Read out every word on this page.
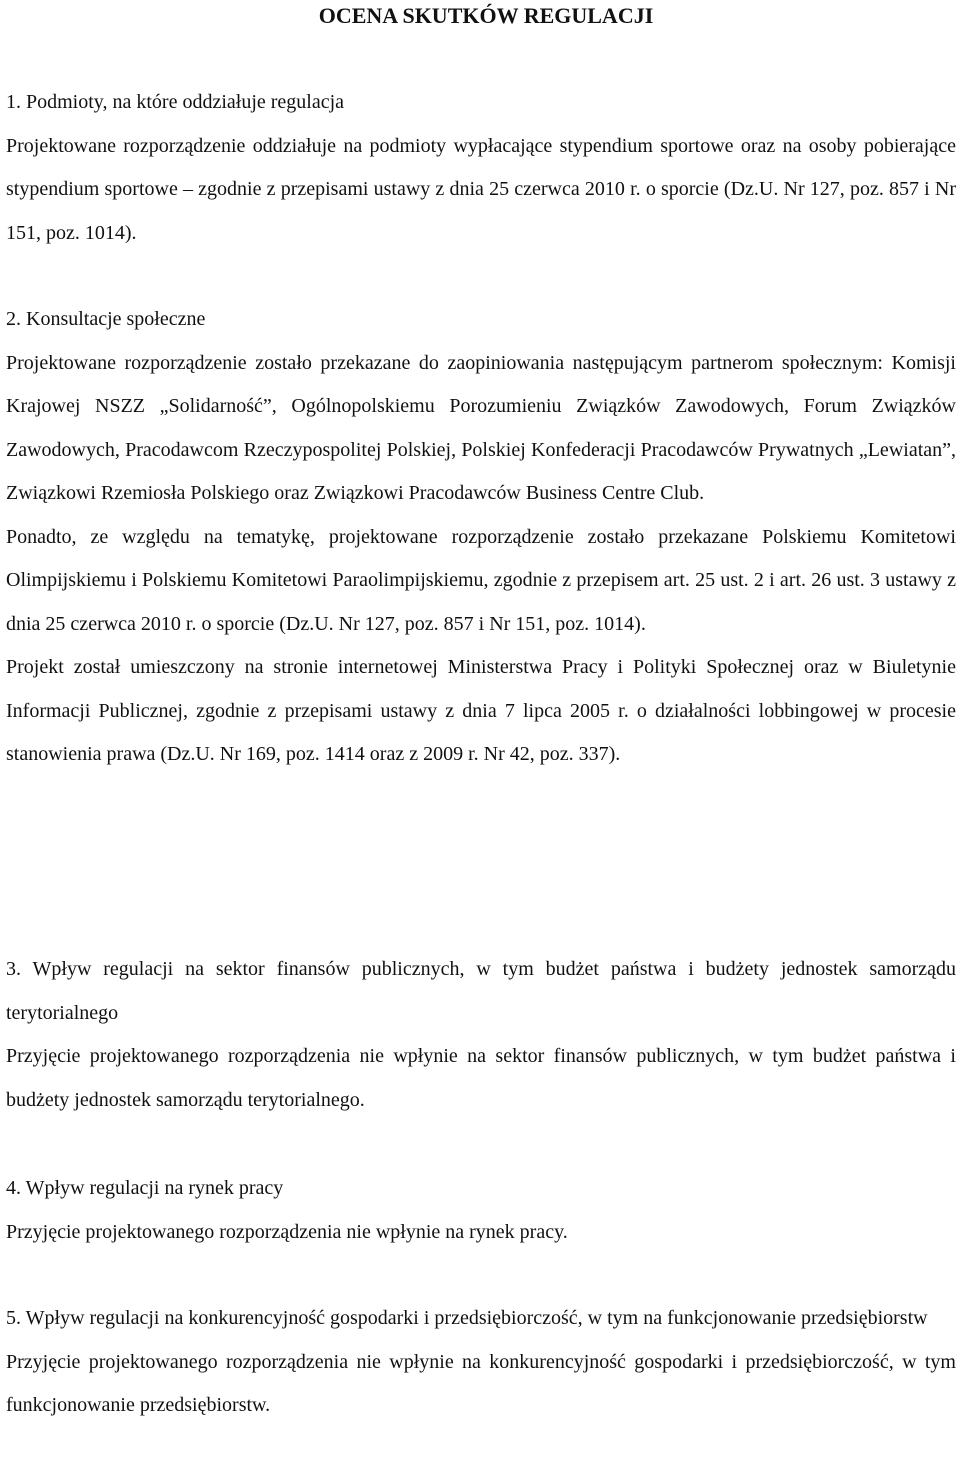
OCENA SKUTKÓW REGULACJI

1. Podmioty, na które oddziałuje regulacja

Projektowane rozporządzenie oddziałuje na podmioty wypłacające stypendium sportowe oraz na osoby pobierające stypendium sportowe – zgodnie z przepisami ustawy z dnia 25 czerwca 2010 r. o sporcie (Dz.U. Nr 127, poz. 857 i Nr 151, poz. 1014).

2. Konsultacje społeczne

Projektowane rozporządzenie zostało przekazane do zaopiniowania następującym partnerom społecznym: Komisji Krajowej NSZZ „Solidarność”, Ogólnopolskiemu Porozumieniu Związków Zawodowych, Forum Związków Zawodowych, Pracodawcom Rzeczypospolitej Polskiej, Polskiej Konfederacji Pracodawców Prywatnych „Lewiatan”, Związkowi Rzemiosła Polskiego oraz Związkowi Pracodawców Business Centre Club.

Ponadto, ze względu na tematykę, projektowane rozporządzenie zostało przekazane Polskiemu Komitetowi Olimpijskiemu i Polskiemu Komitetowi Paraolimpijskiemu, zgodnie z przepisem art. 25 ust. 2 i art. 26 ust. 3 ustawy z dnia 25 czerwca 2010 r. o sporcie (Dz.U. Nr 127, poz. 857 i Nr 151, poz. 1014).

Projekt został umieszczony na stronie internetowej Ministerstwa Pracy i Polityki Społecznej oraz w Biuletynie Informacji Publicznej, zgodnie z przepisami ustawy z dnia 7 lipca 2005 r. o działalności lobbingowej w procesie stanowienia prawa (Dz.U. Nr 169, poz. 1414 oraz z 2009 r. Nr 42, poz. 337).

3. Wpływ regulacji na sektor finansów publicznych, w tym budżet państwa i budżety jednostek samorządu terytorialnego

Przyjęcie projektowanego rozporządzenia nie wpłynie na sektor finansów publicznych, w tym budżet państwa i budżety jednostek samorządu terytorialnego.

4. Wpływ regulacji na rynek pracy

Przyjęcie projektowanego rozporządzenia nie wpłynie na rynek pracy.

5. Wpływ regulacji na konkurencyjność gospodarki i przedsiębiorczość, w tym na funkcjonowanie przedsiębiorstw

Przyjęcie projektowanego rozporządzenia nie wpłynie na konkurencyjność gospodarki i przedsiębiorczość, w tym funkcjonowanie przedsiębiorstw.
